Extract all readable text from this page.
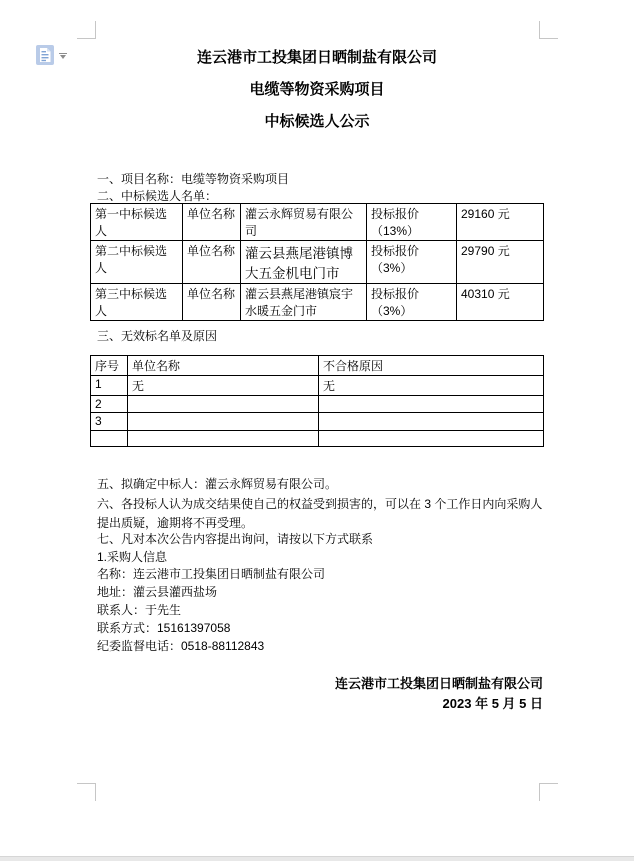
连云港市工投集团日晒制盐有限公司
电缆等物资采购项目
中标候选人公示
一、项目名称：电缆等物资采购项目
二、中标候选人名单：
第一中标候选人	单位名称	灌云永辉贸易有限公司	投标报价（13%）	29160 元
第二中标候选人	单位名称	灌云县燕尾港镇博大五金机电门市	投标报价（3%）	29790 元
第三中标候选人	单位名称	灌云县燕尾港镇宸宇水暖五金门市	投标报价（3%）	40310 元
三、无效标名单及原因
序号	单位名称	不合格原因
1	无	无
2		
3		

五、拟确定中标人：灌云永辉贸易有限公司。
六、各投标人认为成交结果使自己的权益受到损害的，可以在 3 个工作日内向采购人提出质疑，逾期将不再受理。
七、凡对本次公告内容提出询问，请按以下方式联系
1.采购人信息
名称：连云港市工投集团日晒制盐有限公司
地址：灌云县灌西盐场
联系人：于先生
联系方式：15161397058
纪委监督电话：0518-88112843
连云港市工投集团日晒制盐有限公司
2023 年 5 月 5 日
